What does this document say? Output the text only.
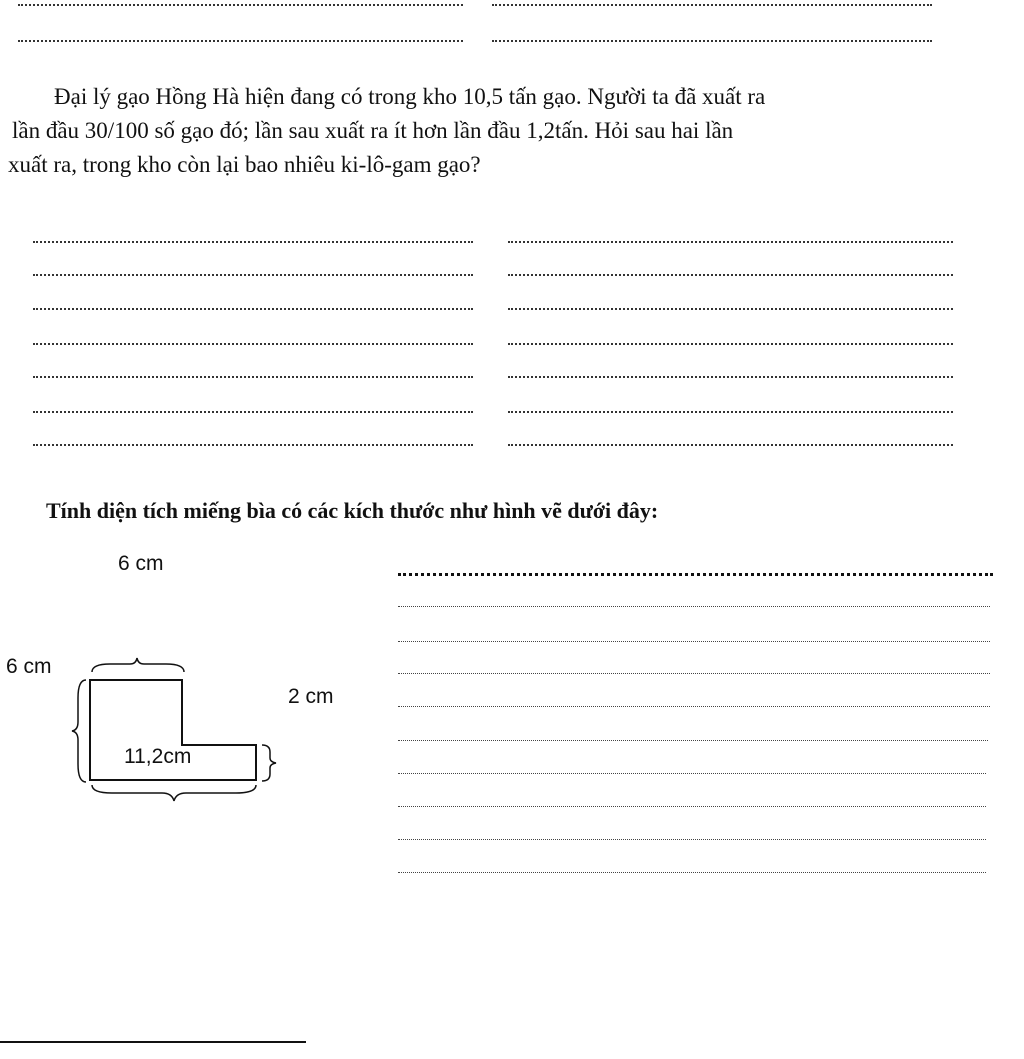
Đại lý gạo Hồng Hà hiện đang có trong kho 10,5 tấn gạo. Người ta đã xuất ra
lần đầu 30/100 số gạo đó; lần sau xuất ra ít hơn lần đầu 1,2tấn. Hỏi sau hai lần
xuất ra, trong kho còn lại bao nhiêu ki-lô-gam gạo?
Tính diện tích miếng bìa có các kích thước như hình vẽ dưới đây:
6 cm
6 cm
2 cm
11,2cm
